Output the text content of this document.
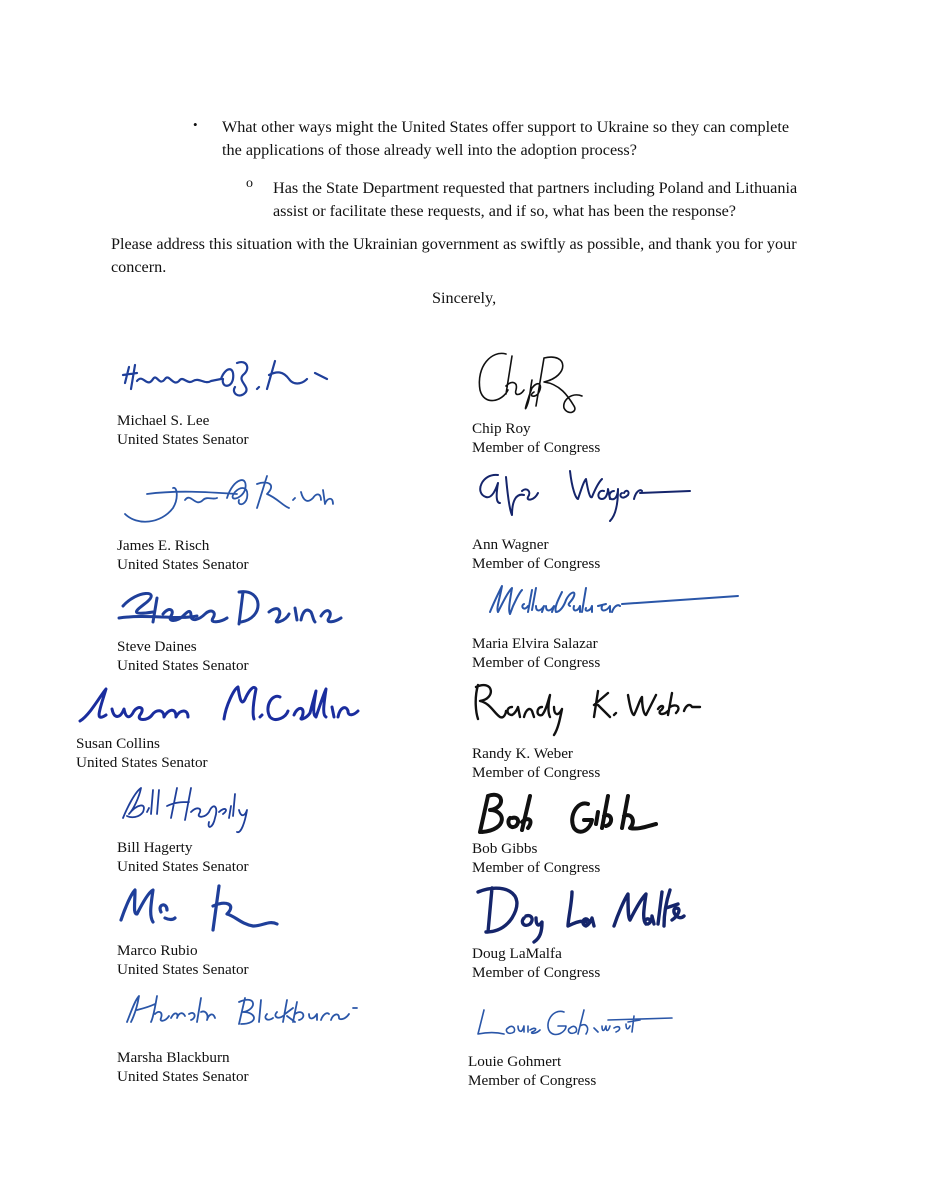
• What other ways might the United States offer support to Ukraine so they can complete
the applications of those already well into the adoption process?
o Has the State Department requested that partners including Poland and Lithuania
assist or facilitate these requests, and if so, what has been the response?
Please address this situation with the Ukrainian government as swiftly as possible, and thank you for your
concern.
Sincerely,
Michael S. Lee
United States Senator
James E. Risch
United States Senator
Steve Daines
United States Senator
Susan Collins
United States Senator
Bill Hagerty
United States Senator
Marco Rubio
United States Senator
Marsha Blackburn
United States Senator
Chip Roy
Member of Congress
Ann Wagner
Member of Congress
Maria Elvira Salazar
Member of Congress
Randy K. Weber
Member of Congress
Bob Gibbs
Member of Congress
Doug LaMalfa
Member of Congress
Louie Gohmert
Member of Congress
